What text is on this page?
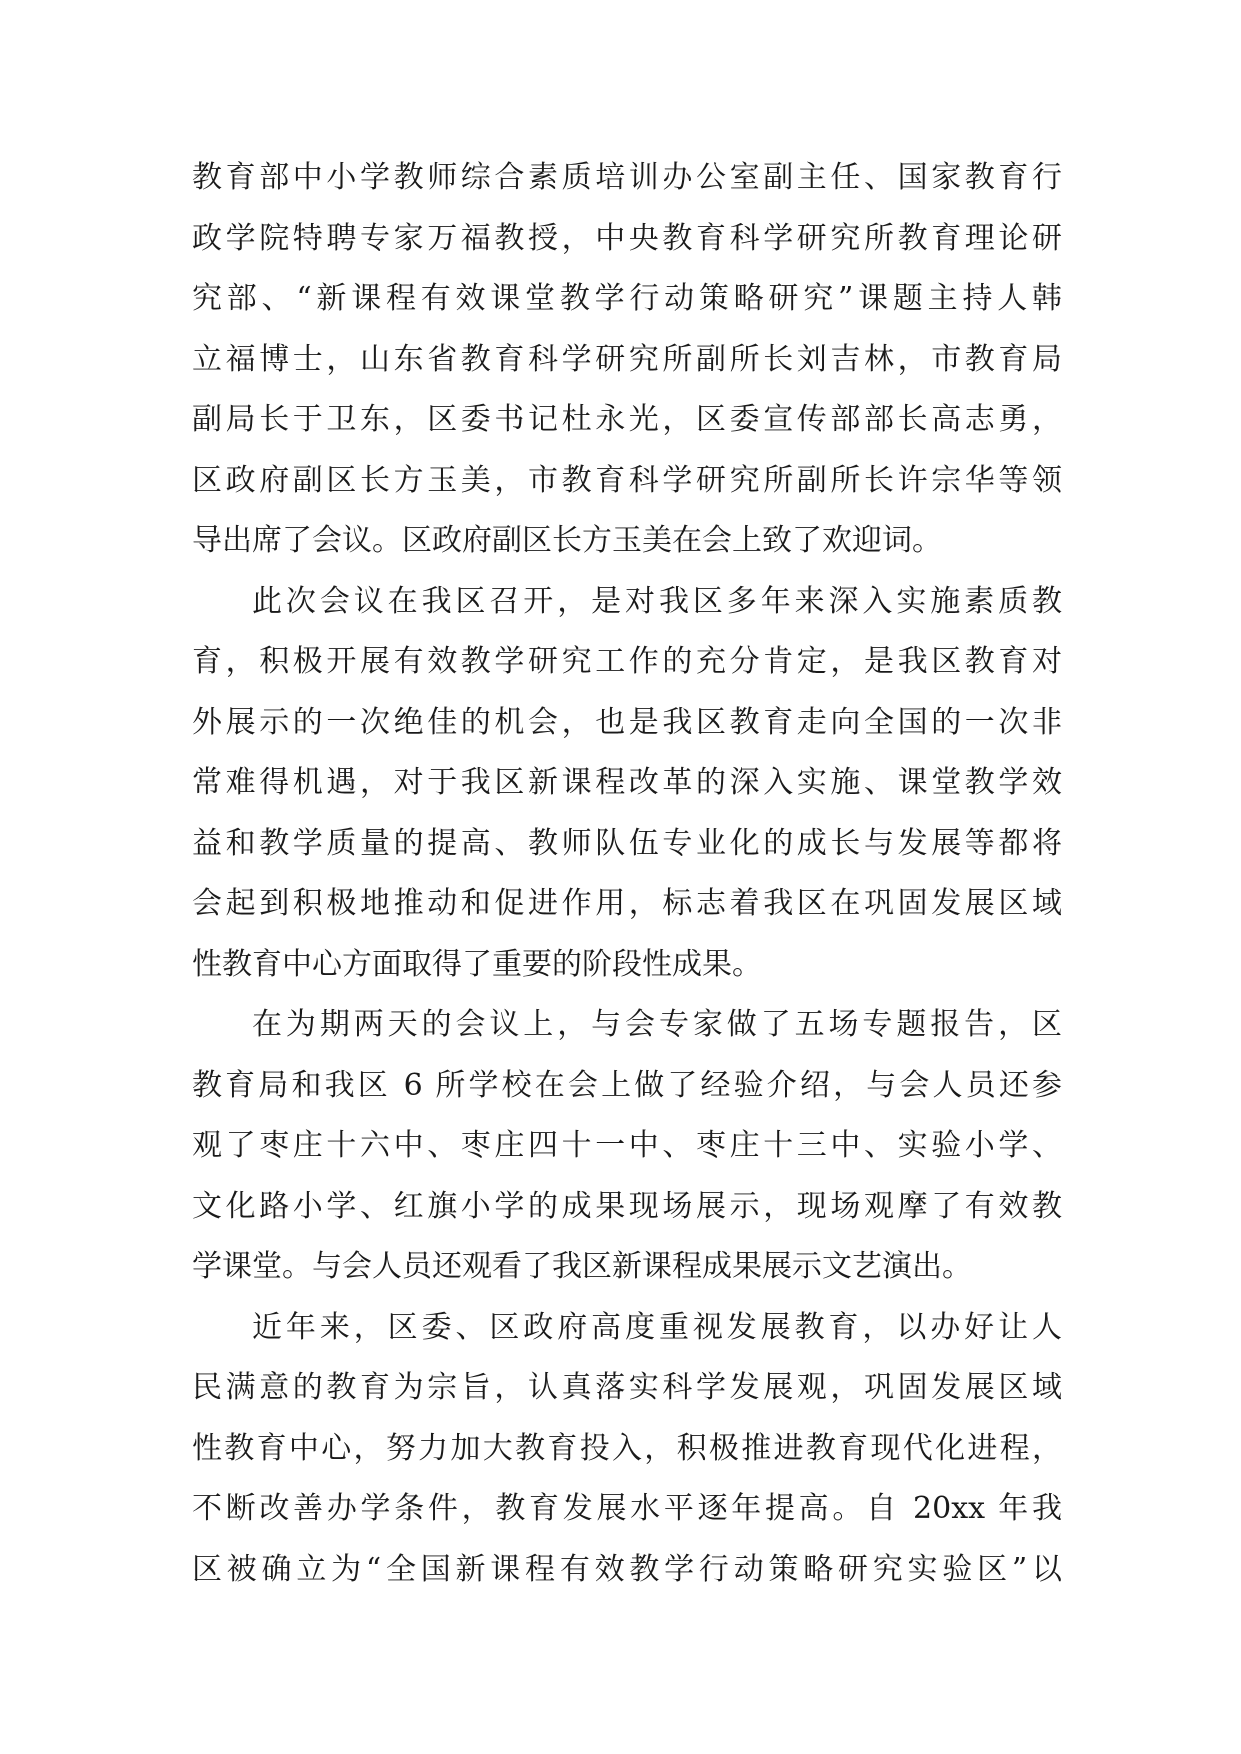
教育部中小学教师综合素质培训办公室副主任、国家教育行
政学院特聘专家万福教授，中央教育科学研究所教育理论研
究部、“新课程有效课堂教学行动策略研究”课题主持人韩
立福博士，山东省教育科学研究所副所长刘吉林，市教育局
副局长于卫东，区委书记杜永光，区委宣传部部长高志勇，
区政府副区长方玉美，市教育科学研究所副所长许宗华等领
导出席了会议。区政府副区长方玉美在会上致了欢迎词。
此次会议在我区召开，是对我区多年来深入实施素质教
育，积极开展有效教学研究工作的充分肯定，是我区教育对
外展示的一次绝佳的机会，也是我区教育走向全国的一次非
常难得机遇，对于我区新课程改革的深入实施、课堂教学效
益和教学质量的提高、教师队伍专业化的成长与发展等都将
会起到积极地推动和促进作用，标志着我区在巩固发展区域
性教育中心方面取得了重要的阶段性成果。
在为期两天的会议上，与会专家做了五场专题报告，区
教育局和我区 6 所学校在会上做了经验介绍，与会人员还参
观了枣庄十六中、枣庄四十一中、枣庄十三中、实验小学、
文化路小学、红旗小学的成果现场展示，现场观摩了有效教
学课堂。与会人员还观看了我区新课程成果展示文艺演出。
近年来，区委、区政府高度重视发展教育，以办好让人
民满意的教育为宗旨，认真落实科学发展观，巩固发展区域
性教育中心，努力加大教育投入，积极推进教育现代化进程，
不断改善办学条件，教育发展水平逐年提高。自 20xx 年我
区被确立为“全国新课程有效教学行动策略研究实验区”以
